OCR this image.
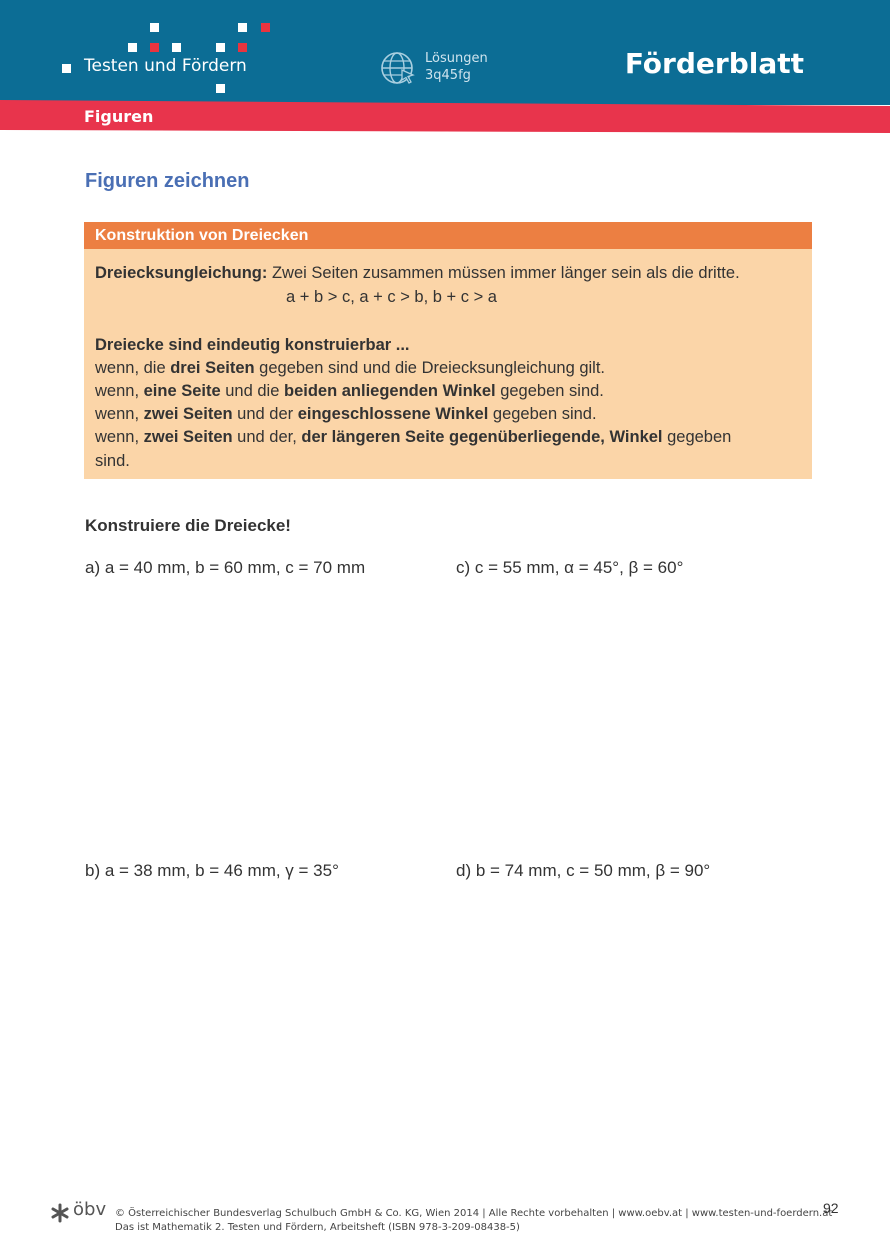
Testen und Fördern	Lösungen
3q45fg	Förderblatt
Figuren
Figuren zeichnen
Konstruktion von Dreiecken
Dreiecksungleichung: Zwei Seiten zusammen müssen immer länger sein als die dritte.
a + b > c, a + c > b, b + c > a
Dreiecke sind eindeutig konstruierbar ...
wenn, die drei Seiten gegeben sind und die Dreiecksungleichung gilt.
wenn, eine Seite und die beiden anliegenden Winkel gegeben sind.
wenn, zwei Seiten und der eingeschlossene Winkel gegeben sind.
wenn, zwei Seiten und der, der längeren Seite gegenüberliegende, Winkel gegeben
sind.
Konstruiere die Dreiecke!
a) a = 40 mm, b = 60 mm, c = 70 mm	c) c = 55 mm, α = 45°, β = 60°
b) a = 38 mm, b = 46 mm, γ = 35°	d) b = 74 mm, c = 50 mm, β = 90°
öbv © Österreichischer Bundesverlag Schulbuch GmbH & Co. KG, Wien 2014 | Alle Rechte vorbehalten | www.oebv.at | www.testen-und-foerdern.at
Das ist Mathematik 2. Testen und Fördern, Arbeitsheft (ISBN 978-3-209-08438-5)
92
